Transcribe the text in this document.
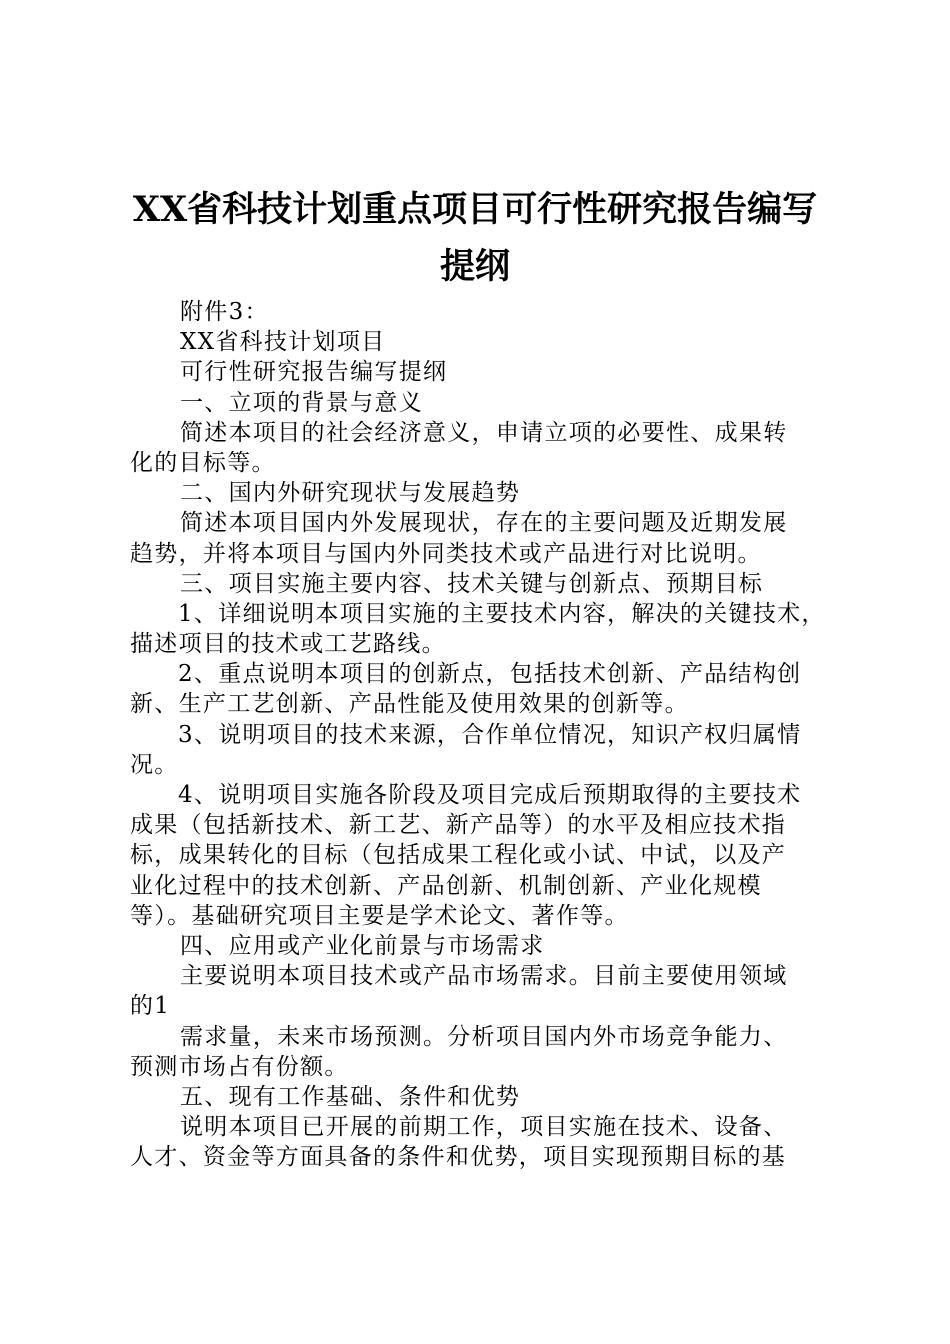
XX省科技计划重点项目可行性研究报告编写
提纲
附件3：
XX省科技计划项目
可行性研究报告编写提纲
一、立项的背景与意义
简述本项目的社会经济意义，申请立项的必要性、成果转
化的目标等。
二、国内外研究现状与发展趋势
简述本项目国内外发展现状，存在的主要问题及近期发展
趋势，并将本项目与国内外同类技术或产品进行对比说明。
三、项目实施主要内容、技术关键与创新点、预期目标
1、详细说明本项目实施的主要技术内容，解决的关键技术，
描述项目的技术或工艺路线。
2、重点说明本项目的创新点，包括技术创新、产品结构创
新、生产工艺创新、产品性能及使用效果的创新等。
3、说明项目的技术来源，合作单位情况，知识产权归属情
况。
4、说明项目实施各阶段及项目完成后预期取得的主要技术
成果（包括新技术、新工艺、新产品等）的水平及相应技术指
标，成果转化的目标（包括成果工程化或小试、中试，以及产
业化过程中的技术创新、产品创新、机制创新、产业化规模
等）。基础研究项目主要是学术论文、著作等。
四、应用或产业化前景与市场需求
主要说明本项目技术或产品市场需求。目前主要使用领域
的1
需求量，未来市场预测。分析项目国内外市场竞争能力、
预测市场占有份额。
五、现有工作基础、条件和优势
说明本项目已开展的前期工作，项目实施在技术、设备、
人才、资金等方面具备的条件和优势，项目实现预期目标的基
